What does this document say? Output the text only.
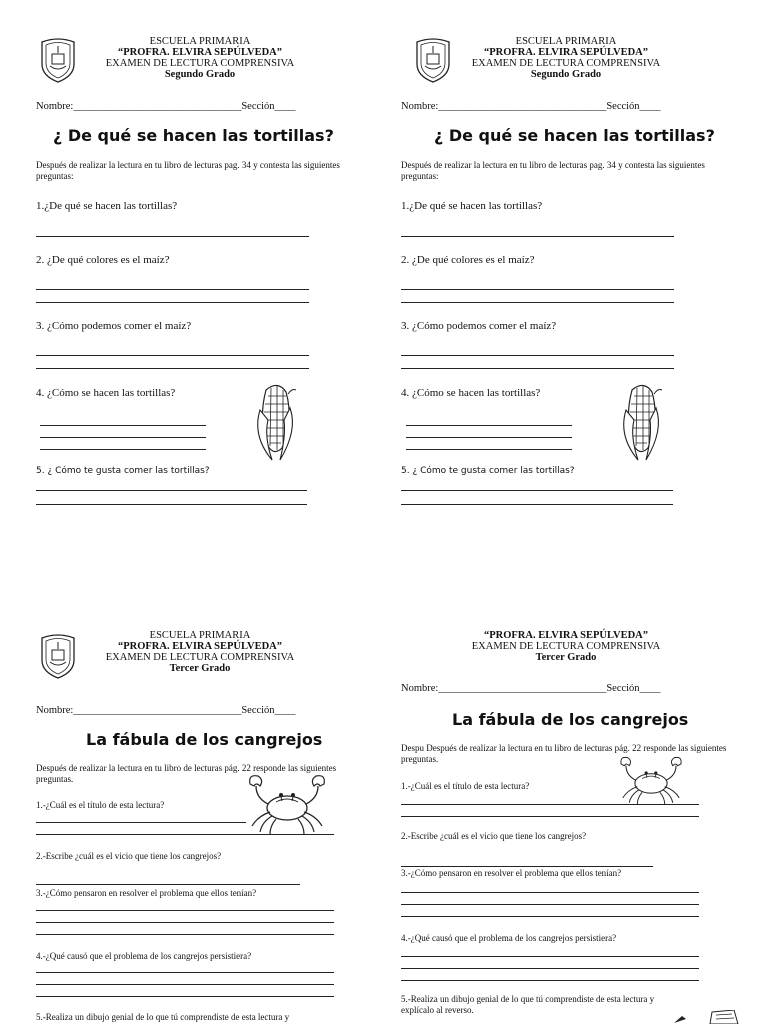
ESCUELA PRIMARIA
“PROFRA. ELVIRA SEPÚLVEDA”
EXAMEN DE LECTURA COMPRENSIVA
Segundo Grado
Nombre:________________________________Sección____
¿ De qué se hacen las tortillas?
Después de realizar la lectura en tu libro de lecturas pag. 34 y contesta las siguientes preguntas:
1.¿De qué se hacen las tortillas?
2. ¿De qué colores es el maíz?
3. ¿Cómo podemos comer el maíz?
4. ¿Cómo se hacen las tortillas?
5. ¿ Cómo te gusta comer las tortillas?
ESCUELA PRIMARIA
“PROFRA. ELVIRA SEPÚLVEDA”
EXAMEN DE LECTURA COMPRENSIVA
Segundo Grado
Nombre:________________________________Sección____
¿ De qué se hacen las tortillas?
Después de realizar la lectura en tu libro de lecturas pag. 34 y contesta las siguientes preguntas:
1.¿De qué se hacen las tortillas?
2. ¿De qué colores es el maíz?
3. ¿Cómo podemos comer el maíz?
4. ¿Cómo se hacen las tortillas?
5. ¿ Cómo te gusta comer las tortillas?
ESCUELA PRIMARIA
“PROFRA. ELVIRA SEPÚLVEDA”
EXAMEN DE LECTURA COMPRENSIVA
Tercer Grado
Nombre:________________________________Sección____
La fábula de los cangrejos
Después de realizar la lectura en tu libro de lecturas pág. 22 responde las siguientes preguntas.
1.-¿Cuál es el título de esta lectura?
2.-Escribe ¿cuál es el vicio que tiene los cangrejos?
3.-¿Cómo pensaron en resolver el problema que ellos tenían?
4.-¿Qué causó que el problema de los cangrejos persistiera?
5.-Realiza un dibujo genial de lo que tú comprendiste de esta lectura y
“PROFRA. ELVIRA SEPÚLVEDA”
EXAMEN DE LECTURA COMPRENSIVA
Tercer Grado
Nombre:________________________________Sección____
La fábula de los cangrejos
Despu Después de realizar la lectura en tu libro de lecturas pág. 22 responde las siguientes preguntas.
1.-¿Cuál es el título de esta lectura?
2.-Escribe ¿cuál es el vicio que tiene los cangrejos?
3.-¿Cómo pensaron en resolver el problema que ellos tenían?
4.-¿Qué causó que el problema de los cangrejos persistiera?
5.-Realiza un dibujo genial de lo que tú comprendiste de esta lectura y explícalo al reverso.
